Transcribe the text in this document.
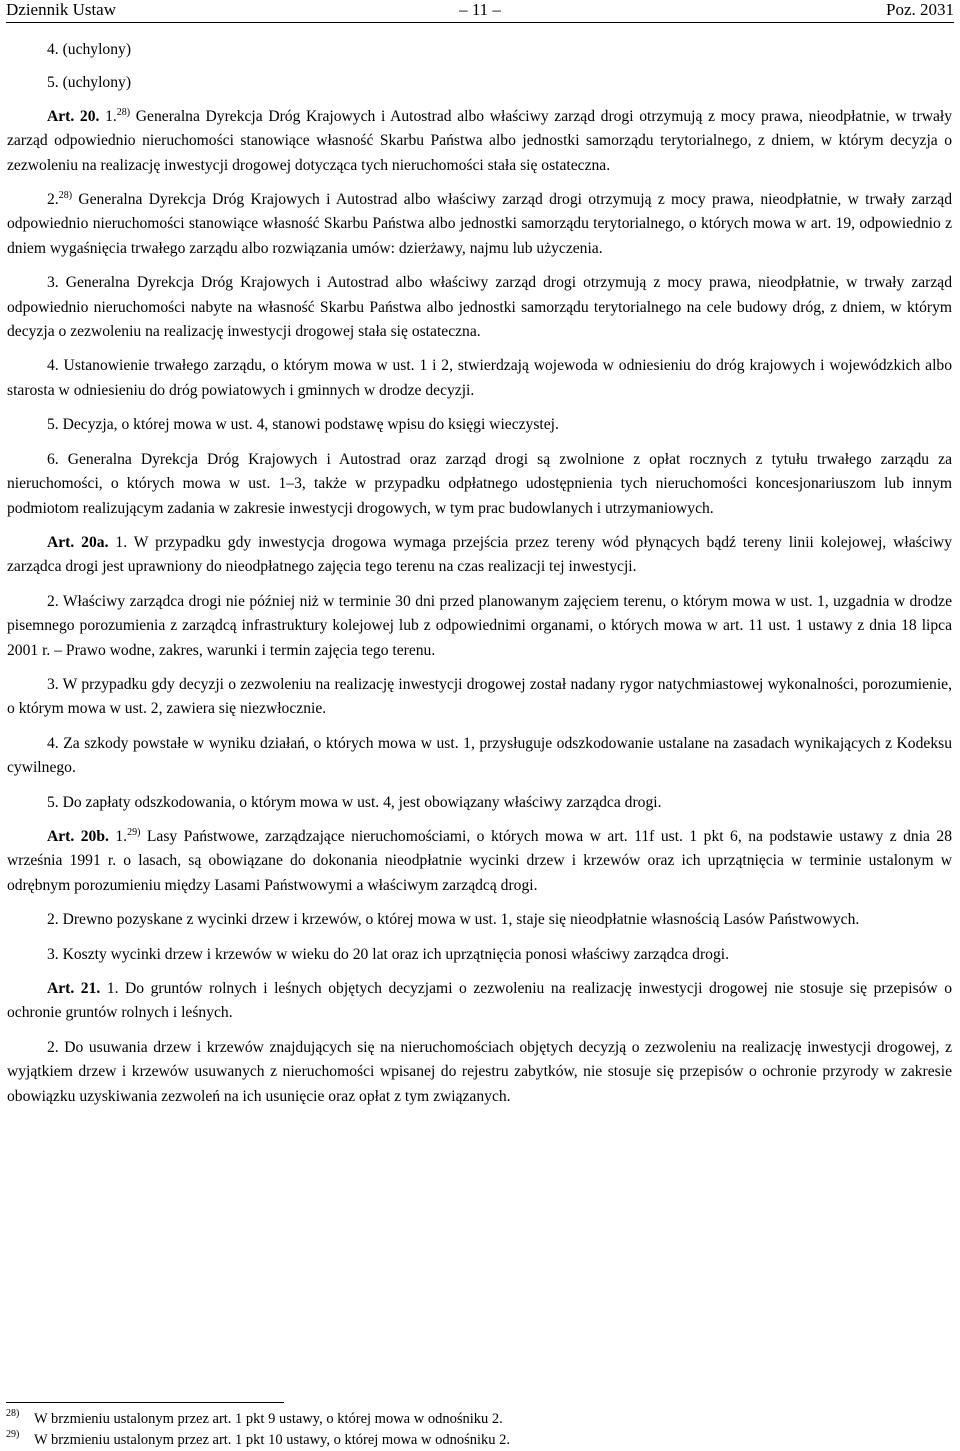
Dziennik Ustaw	– 11 –	Poz. 2031

4. (uchylony)

5. (uchylony)

Art. 20. 1.$^{28)}$ Generalna Dyrekcja Dróg Krajowych i Autostrad albo właściwy zarząd drogi otrzymują z mocy prawa, nieodpłatnie, w trwały zarząd odpowiednio nieruchomości stanowiące własność Skarbu Państwa albo jednostki samorządu terytorialnego, z dniem, w którym decyzja o zezwoleniu na realizację inwestycji drogowej dotycząca tych nieruchomości stała się ostateczna.

2.$^{28)}$ Generalna Dyrekcja Dróg Krajowych i Autostrad albo właściwy zarząd drogi otrzymują z mocy prawa, nieodpłatnie, w trwały zarząd odpowiednio nieruchomości stanowiące własność Skarbu Państwa albo jednostki samorządu terytorialnego, o których mowa w art. 19, odpowiednio z dniem wygaśnięcia trwałego zarządu albo rozwiązania umów: dzierżawy, najmu lub użyczenia.

3. Generalna Dyrekcja Dróg Krajowych i Autostrad albo właściwy zarząd drogi otrzymują z mocy prawa, nieodpłatnie, w trwały zarząd odpowiednio nieruchomości nabyte na własność Skarbu Państwa albo jednostki samorządu terytorialnego na cele budowy dróg, z dniem, w którym decyzja o zezwoleniu na realizację inwestycji drogowej stała się ostateczna.

4. Ustanowienie trwałego zarządu, o którym mowa w ust. 1 i 2, stwierdzają wojewoda w odniesieniu do dróg krajowych i wojewódzkich albo starosta w odniesieniu do dróg powiatowych i gminnych w drodze decyzji.

5. Decyzja, o której mowa w ust. 4, stanowi podstawę wpisu do księgi wieczystej.

6. Generalna Dyrekcja Dróg Krajowych i Autostrad oraz zarząd drogi są zwolnione z opłat rocznych z tytułu trwałego zarządu za nieruchomości, o których mowa w ust. 1–3, także w przypadku odpłatnego udostępnienia tych nieruchomości koncesjonariuszom lub innym podmiotom realizującym zadania w zakresie inwestycji drogowych, w tym prac budowlanych i utrzymaniowych.

Art. 20a. 1. W przypadku gdy inwestycja drogowa wymaga przejścia przez tereny wód płynących bądź tereny linii kolejowej, właściwy zarządca drogi jest uprawniony do nieodpłatnego zajęcia tego terenu na czas realizacji tej inwestycji.

2. Właściwy zarządca drogi nie później niż w terminie 30 dni przed planowanym zajęciem terenu, o którym mowa w ust. 1, uzgadnia w drodze pisemnego porozumienia z zarządcą infrastruktury kolejowej lub z odpowiednimi organami, o których mowa w art. 11 ust. 1 ustawy z dnia 18 lipca 2001 r. – Prawo wodne, zakres, warunki i termin zajęcia tego terenu.

3. W przypadku gdy decyzji o zezwoleniu na realizację inwestycji drogowej został nadany rygor natychmiastowej wykonalności, porozumienie, o którym mowa w ust. 2, zawiera się niezwłocznie.

4. Za szkody powstałe w wyniku działań, o których mowa w ust. 1, przysługuje odszkodowanie ustalane na zasadach wynikających z Kodeksu cywilnego.

5. Do zapłaty odszkodowania, o którym mowa w ust. 4, jest obowiązany właściwy zarządca drogi.

Art. 20b. 1.$^{29)}$ Lasy Państwowe, zarządzające nieruchomościami, o których mowa w art. 11f ust. 1 pkt 6, na podstawie ustawy z dnia 28 września 1991 r. o lasach, są obowiązane do dokonania nieodpłatnie wycinki drzew i krzewów oraz ich uprzątnięcia w terminie ustalonym w odrębnym porozumieniu między Lasami Państwowymi a właściwym zarządcą drogi.

2. Drewno pozyskane z wycinki drzew i krzewów, o której mowa w ust. 1, staje się nieodpłatnie własnością Lasów Państwowych.

3. Koszty wycinki drzew i krzewów w wieku do 20 lat oraz ich uprzątnięcia ponosi właściwy zarządca drogi.

Art. 21. 1. Do gruntów rolnych i leśnych objętych decyzjami o zezwoleniu na realizację inwestycji drogowej nie stosuje się przepisów o ochronie gruntów rolnych i leśnych.

2. Do usuwania drzew i krzewów znajdujących się na nieruchomościach objętych decyzją o zezwoleniu na realizację inwestycji drogowej, z wyjątkiem drzew i krzewów usuwanych z nieruchomości wpisanej do rejestru zabytków, nie stosuje się przepisów o ochronie przyrody w zakresie obowiązku uzyskiwania zezwoleń na ich usunięcie oraz opłat z tym związanych.

28) W brzmieniu ustalonym przez art. 1 pkt 9 ustawy, o której mowa w odnośniku 2.
29) W brzmieniu ustalonym przez art. 1 pkt 10 ustawy, o której mowa w odnośniku 2.
